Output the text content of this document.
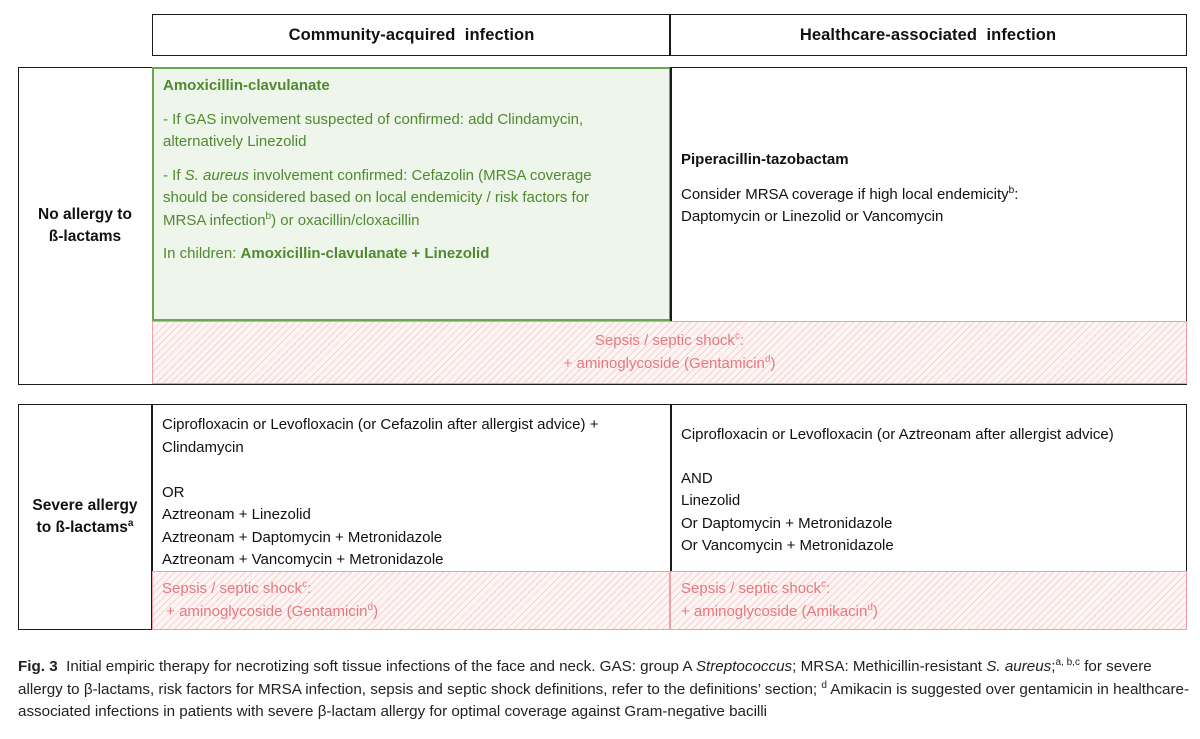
Community-acquired  infection	Healthcare-associated  infection
No allergy to
ß-lactams

Amoxicillin-clavulanate

- If GAS involvement suspected of confirmed: add Clindamycin,
alternatively Linezolid

- If S. aureus involvement confirmed: Cefazolin (MRSA coverage
should be considered based on local endemicity / risk factors for
MRSA infection$^b$) or oxacillin/cloxacillin

In children: Amoxicillin-clavulanate + Linezolid

Piperacillin-tazobactam

Consider MRSA coverage if high local endemicity$^b$:
Daptomycin or Linezolid or Vancomycin

Sepsis / septic shock$^c$:
+ aminoglycoside (Gentamicin$^d$)
Severe allergy
to ß-lactams$^a$
Ciprofloxacin or Levofloxacin (or Cefazolin after allergist advice) +
Clindamycin
OR
Aztreonam + Linezolid
Aztreonam + Daptomycin + Metronidazole
Aztreonam + Vancomycin + Metronidazole
Ciprofloxacin or Levofloxacin (or Aztreonam after allergist advice)
AND
Linezolid
Or Daptomycin + Metronidazole
Or Vancomycin + Metronidazole
Sepsis / septic shock$^c$:
+ aminoglycoside (Gentamicin$^d$)
Sepsis / septic shock$^c$:
+ aminoglycoside (Amikacin$^d$)
Fig. 3  Initial empiric therapy for necrotizing soft tissue infections of the face and neck. GAS: group A Streptococcus; MRSA: Methicillin-resistant S. aureus;$^{a, b,c}$ for severe allergy to β-lactams, risk factors for MRSA infection, sepsis and septic shock definitions, refer to the definitions’ section; $^d$ Amikacin is suggested over gentamicin in healthcare-associated infections in patients with severe β-lactam allergy for optimal coverage against Gram-negative bacilli
